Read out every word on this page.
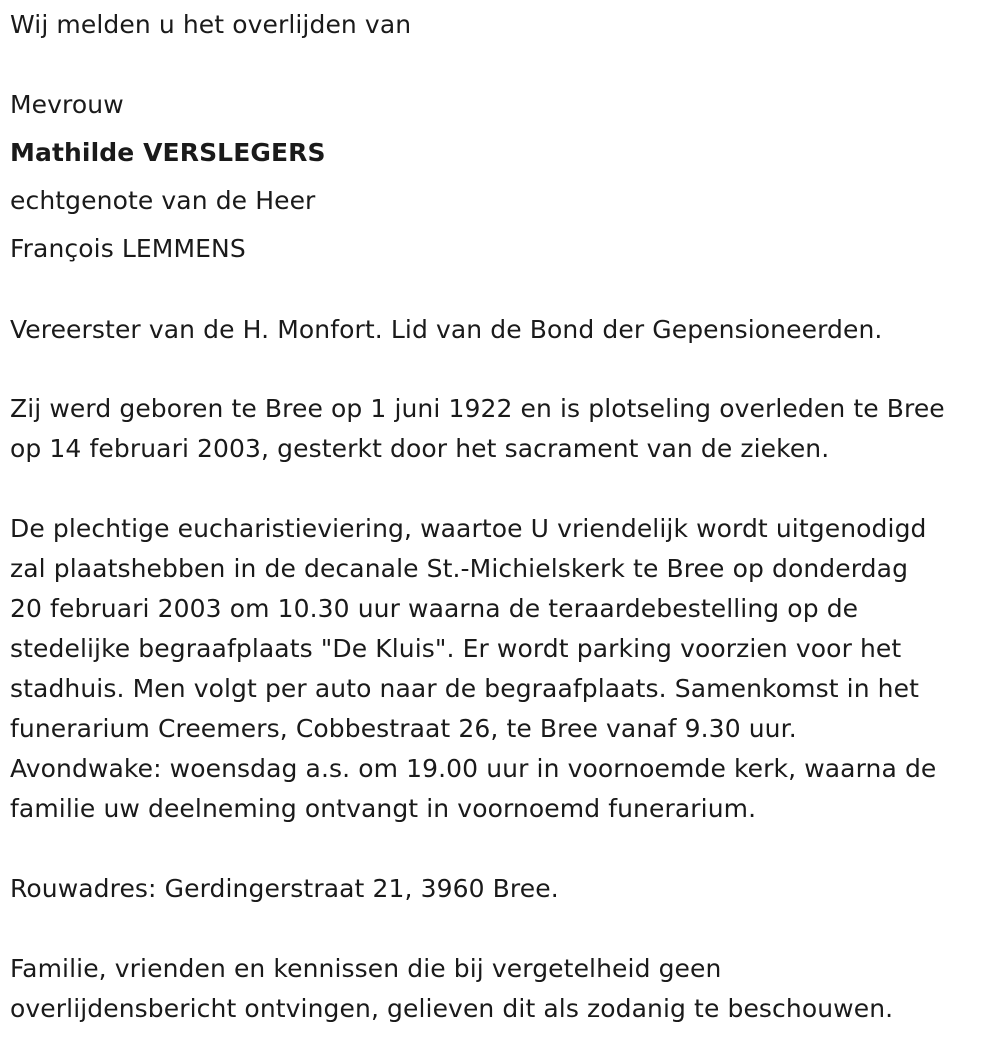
Wij melden u het overlijden van
Mevrouw
Mathilde VERSLEGERS
echtgenote van de Heer
François LEMMENS
Vereerster van de H. Monfort. Lid van de Bond der Gepensioneerden.
Zij werd geboren te Bree op 1 juni 1922 en is plotseling overleden te Bree
op 14 februari 2003, gesterkt door het sacrament van de zieken.
De plechtige eucharistieviering, waartoe U vriendelijk wordt uitgenodigd
zal plaatshebben in de decanale St.-Michielskerk te Bree op donderdag
20 februari 2003 om 10.30 uur waarna de teraardebestelling op de
stedelijke begraafplaats "De Kluis". Er wordt parking voorzien voor het
stadhuis. Men volgt per auto naar de begraafplaats. Samenkomst in het
funerarium Creemers, Cobbestraat 26, te Bree vanaf 9.30 uur.
Avondwake: woensdag a.s. om 19.00 uur in voornoemde kerk, waarna de
familie uw deelneming ontvangt in voornoemd funerarium.
Rouwadres: Gerdingerstraat 21, 3960 Bree.
Familie, vrienden en kennissen die bij vergetelheid geen
overlijdensbericht ontvingen, gelieven dit als zodanig te beschouwen.
